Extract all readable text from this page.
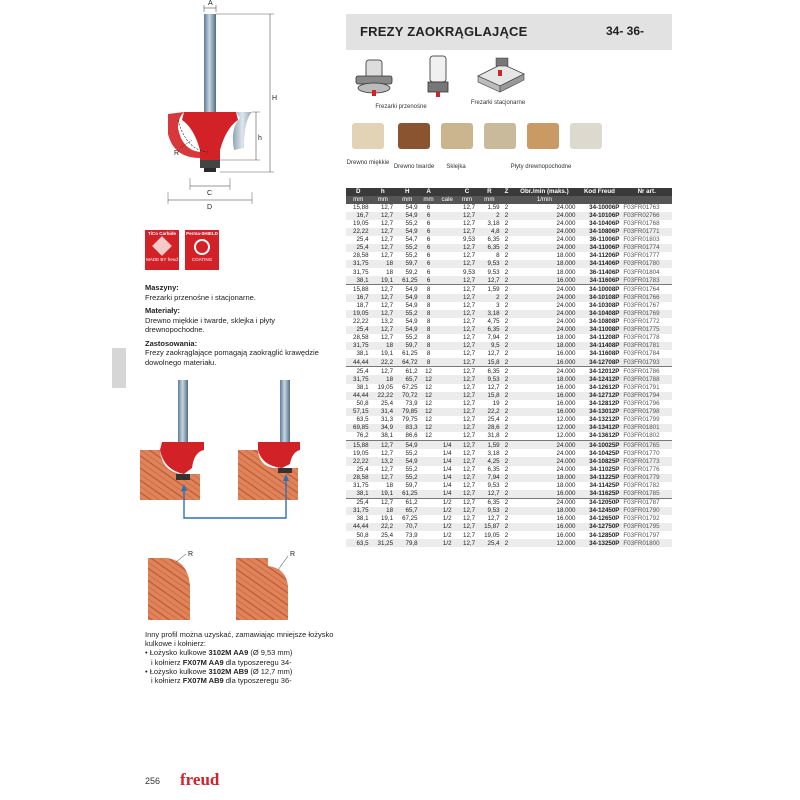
A
H
h
R
C
D
TiCo Carbide
MADE BY freud
Perma-SHIELD
COATING
Maszyny:
Frezarki przenośne i stacjonarne.
Materiały:
Drewno miękkie i twarde, sklejka i płyty drewnopochodne.
Zastosowania:
Frezy zaokrąglające pomagają zaokrąglić krawędzie dowolnego materiału.
R	R
Inny profil można uzyskać, zamawiając mniejsze łożysko kulkowe i kołnierz:
• Łożysko kulkowe 3102M AA9 (Ø 9,53 mm)
i kołnierz FX07M AA9 dla typoszeregu 34-
• Łożysko kulkowe 3102M AB9 (Ø 12,7 mm)
i kołnierz FX07M AB9 dla typoszeregu 36-
FREZY ZAOKRĄGLAJĄCE	34- 36-
Frezarki przenośne
Frezarki stacjonarne
Drewno miękkie
Drewno twarde	Sklejka	Płyty drewnopochodne
D	h	H	A		C	R	Z	Obr./min (maks.)	Kod Freud	Nr art.
mm	mm	mm	mm	cale	mm	mm		1/min		
15,88	12,7	54,9	6		12,7	1,59	2	24.000	34-10006P	F03FR01763
16,7	12,7	54,9	6		12,7	2	2	24.000	34-10106P	F03FR02766
19,05	12,7	55,2	6		12,7	3,18	2	24.000	34-10406P	F03FR01768
22,22	12,7	54,9	6		12,7	4,8	2	24.000	34-10806P	F03FR01771
25,4	12,7	54,7	6		9,53	6,35	2	24.000	36-11006P	F03FR01803
25,4	12,7	55,2	6		12,7	6,35	2	24.000	34-11006P	F03FR01774
28,58	12,7	55,2	6		12,7	8	2	18.000	34-11206P	F03FR01777
31,75	18	59,7	6		12,7	9,53	2	18.000	34-11406P	F03FR01780
31,75	18	59,2	6		9,53	9,53	2	18.000	36-11406P	F03FR01804
38,1	19,1	61,25	6		12,7	12,7	2	16.000	34-11606P	F03FR01783
15,88	12,7	54,9	8		12,7	1,59	2	24.000	34-10008P	F03FR01764
16,7	12,7	54,9	8		12,7	2	2	24.000	34-10108P	F03FR01766
18,7	12,7	54,9	8		12,7	3	2	24.000	34-10308P	F03FR01767
19,05	12,7	55,2	8		12,7	3,18	2	24.000	34-10408P	F03FR01769
22,22	13,2	54,9	8		12,7	4,75	2	24.000	34-10808P	F03FR01772
25,4	12,7	54,9	8		12,7	6,35	2	24.000	34-11008P	F03FR01775
28,58	12,7	55,2	8		12,7	7,94	2	18.000	34-11208P	F03FR01778
31,75	18	59,7	8		12,7	9,5	2	18.000	34-11408P	F03FR01781
38,1	19,1	61,25	8		12,7	12,7	2	16.000	34-11608P	F03FR01784
44,44	22,2	64,72	8		12,7	15,8	2	16.000	34-12708P	F03FR01793
25,4	12,7	61,2	12		12,7	6,35	2	24.000	34-12012P	F03FR01786
31,75	18	65,7	12		12,7	9,53	2	18.000	34-12412P	F03FR01788
38,1	19,05	67,25	12		12,7	12,7	2	16.000	34-12612P	F03FR01791
44,44	22,22	70,72	12		12,7	15,8	2	16.000	34-12712P	F03FR01794
50,8	25,4	73,9	12		12,7	19	2	16.000	34-12812P	F03FR01796
57,15	31,4	79,85	12		12,7	22,2	2	16.000	34-13012P	F03FR01798
63,5	31,3	79,75	12		12,7	25,4	2	12.000	34-13212P	F03FR01799
69,85	34,9	83,3	12		12,7	28,6	2	12.000	34-13412P	F03FR01801
76,2	38,1	86,6	12		12,7	31,8	2	12.000	34-13612P	F03FR01802
15,88	12,7	54,9		1/4	12,7	1,59	2	24.000	34-10025P	F03FR01765
19,05	12,7	55,2		1/4	12,7	3,18	2	24.000	34-10425P	F03FR01770
22,22	13,2	54,9		1/4	12,7	4,25	2	24.000	34-10825P	F03FR01773
25,4	12,7	55,2		1/4	12,7	6,35	2	24.000	34-11025P	F03FR01776
28,58	12,7	55,2		1/4	12,7	7,94	2	18.000	34-11225P	F03FR01779
31,75	18	59,7		1/4	12,7	9,53	2	18.000	34-11425P	F03FR01782
38,1	19,1	61,25		1/4	12,7	12,7	2	16.000	34-11625P	F03FR01785
25,4	12,7	61,2		1/2	12,7	6,35	2	24.000	34-12050P	F03FR01787
31,75	18	65,7		1/2	12,7	9,53	2	18.000	34-12450P	F03FR01790
38,1	19,1	67,25		1/2	12,7	12,7	2	16.000	34-12650P	F03FR01792
44,44	22,2	70,7		1/2	12,7	15,87	2	16.000	34-12750P	F03FR01795
50,8	25,4	73,9		1/2	12,7	19,05	2	16.000	34-12850P	F03FR01797
63,5	31,25	79,8		1/2	12,7	25,4	2	12.000	34-13250P	F03FR01800
256 freud
